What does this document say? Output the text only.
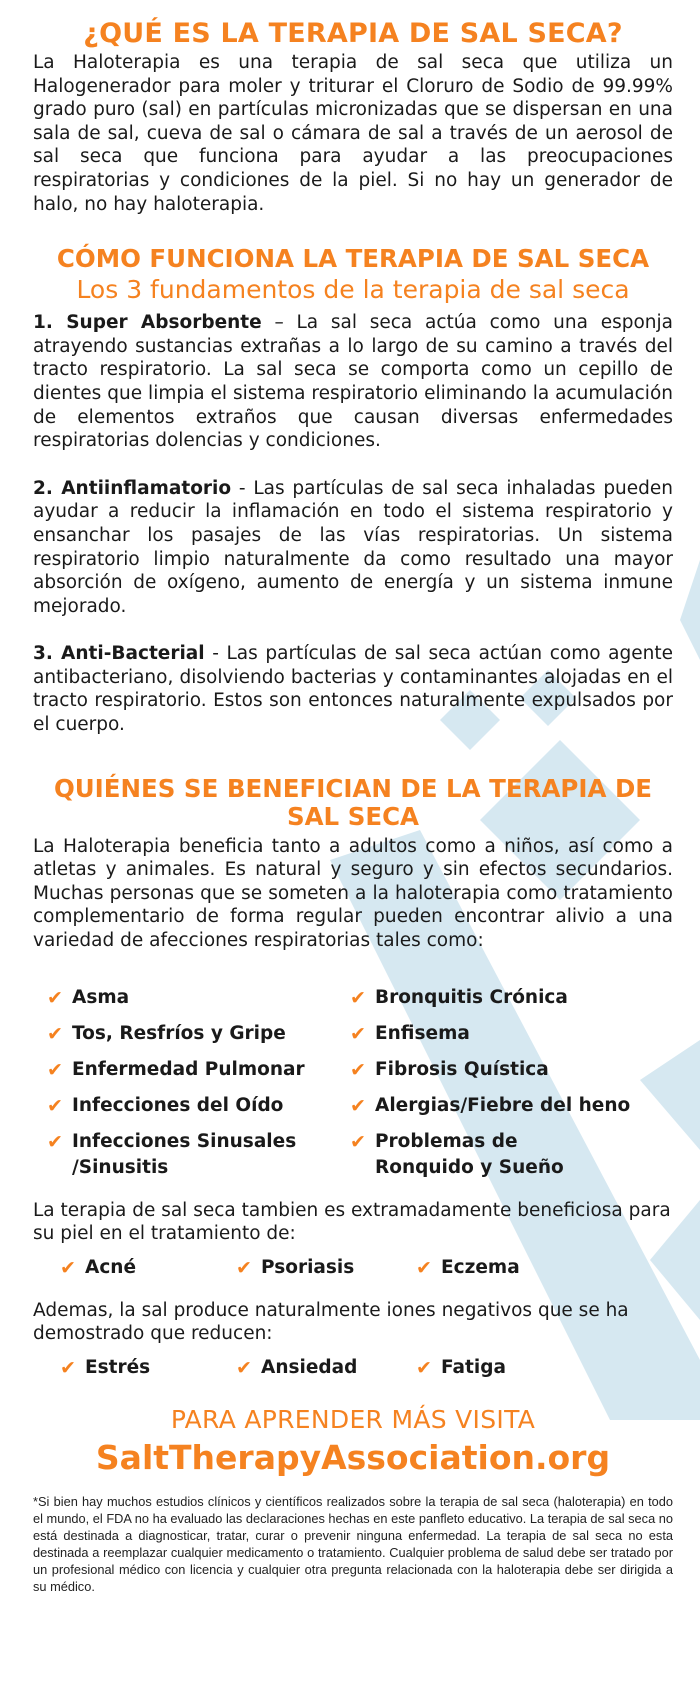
¿QUÉ ES LA TERAPIA DE SAL SECA?

La Haloterapia es una terapia de sal seca que utiliza un Halogenerador para moler y triturar el Cloruro de Sodio de 99.99% grado puro (sal) en partículas micronizadas que se dispersan en una sala de sal, cueva de sal o cámara de sal a través de un aerosol de sal seca que funciona para ayudar a las preocupaciones respiratorias y condiciones de la piel. Si no hay un generador de halo, no hay haloterapia.

CÓMO FUNCIONA LA TERAPIA DE SAL SECA
Los 3 fundamentos de la terapia de sal seca

1. Super Absorbente – La sal seca actúa como una esponja atrayendo sustancias extrañas a lo largo de su camino a través del tracto respiratorio. La sal seca se comporta como un cepillo de dientes que limpia el sistema respiratorio eliminando la acumulación de elementos extraños que causan diversas enfermedades respiratorias dolencias y condiciones.

2. Antiinflamatorio - Las partículas de sal seca inhaladas pueden ayudar a reducir la inflamación en todo el sistema respiratorio y ensanchar los pasajes de las vías respiratorias. Un sistema respiratorio limpio naturalmente da como resultado una mayor absorción de oxígeno, aumento de energía y un sistema inmune mejorado.

3. Anti-Bacterial - Las partículas de sal seca actúan como agente antibacteriano, disolviendo bacterias y contaminantes alojadas en el tracto respiratorio. Estos son entonces naturalmente expulsados por el cuerpo.

QUIÉNES SE BENEFICIAN DE LA TERAPIA DE SAL SECA

La Haloterapia beneficia tanto a adultos como a niños, así como a atletas y animales. Es natural y seguro y sin efectos secundarios. Muchas personas que se someten a la haloterapia como tratamiento complementario de forma regular pueden encontrar alivio a una variedad de afecciones respiratorias tales como:

✔ Asma	✔ Bronquitis Crónica
✔ Tos, Resfríos y Gripe	✔ Enfisema
✔ Enfermedad Pulmonar ✔ Fibrosis Quística
✔ Infecciones del Oído	✔ Alergias/Fiebre del heno
✔ Infecciones Sinusales
/Sinusitis
✔ Problemas de
Ronquido y Sueño

La terapia de sal seca tambien es extramadamente beneficiosa para su piel en el tratamiento de:

✔ Acné	✔ Psoriasis	✔ Eczema

Ademas, la sal produce naturalmente iones negativos que se ha demostrado que reducen:

✔ Estrés	✔ Ansiedad	✔ Fatiga
PARA APRENDER MÁS VISITA
SaltTherapyAssociation.org

*Si bien hay muchos estudios clínicos y científicos realizados sobre la terapia de sal seca (haloterapia) en todo el mundo, el FDA no ha evaluado las declaraciones hechas en este panfleto educativo. La terapia de sal seca no está destinada a diagnosticar, tratar, curar o prevenir ninguna enfermedad. La terapia de sal seca no esta destinada a reemplazar cualquier medicamento o tratamiento. Cualquier problema de salud debe ser tratado por un profesional médico con licencia y cualquier otra pregunta relacionada con la haloterapia debe ser dirigida a su médico.
